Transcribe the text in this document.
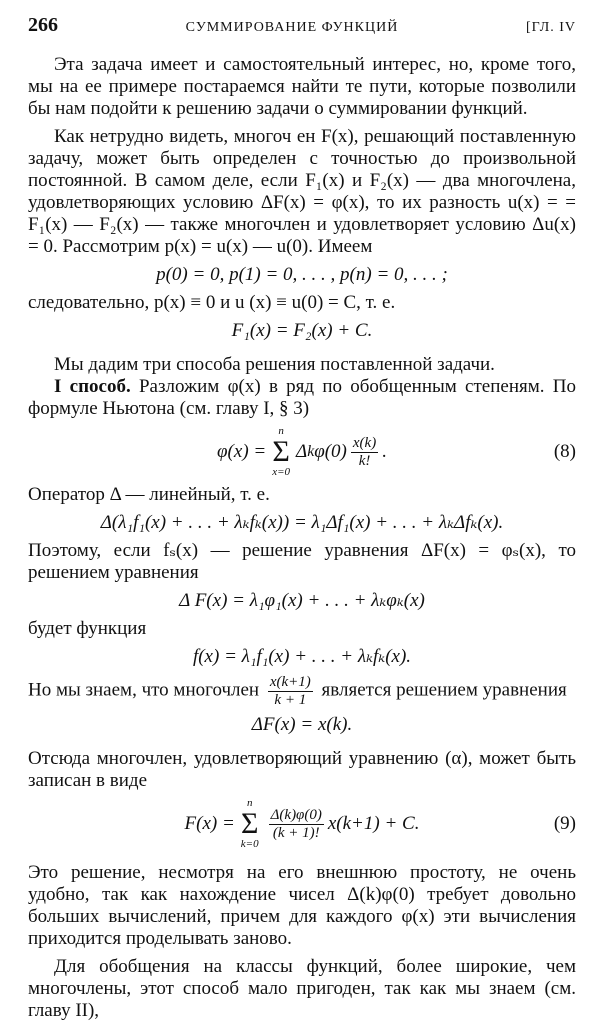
266	СУММИРОВАНИЕ ФУНКЦИЙ	[ГЛ. IV

Эта задача имеет и самостоятельный интерес, но, кроме того, мы на ее примере постараемся найти те пути, которые позволили бы нам подойти к решению задачи о суммировании функций.

Как нетрудно видеть, многоч ен F(x), решающий поставленную задачу, может быть определен с точностью до произвольной постоянной. В самом деле, если F₁(x) и F₂(x) — два многочлена, удовлетворяющих условию ΔF(x) = φ(x), то их разность u(x) = = F₁(x) — F₂(x) — также многочлен и удовлетворяет условию Δu(x) = 0. Рассмотрим p(x) = u(x) — u(0). Имеем

p(0) = 0, p(1) = 0, . . . , p(n) = 0, . . . ;

следовательно, p(x) ≡ 0 и u (x) ≡ u(0) = C, т. е.

F₁(x) = F₂(x) + C.

Мы дадим три способа решения поставленной задачи.

I способ. Разложим φ(x) в ряд по обобщенным степеням. По формуле Ньютона (см. главу I, § 3)

φ(x) =
n
Σ
x=0
Δ k $\varphi(0) \frac{x(k)}{k!}$ .	(8)

Оператор Δ — линейный, т. е.

Δ(λ₁f₁(x) + . . . + λₖfₖ(x)) = λ₁Δf₁(x) + . . . + λₖΔfₖ(x).

Поэтому, если fₛ(x) — решение уравнения ΔF(x) = φₛ(x), то решением уравнения

Δ F(x) = λ₁φ₁(x) + . . . + λₖφₖ(x)

будет функция

f(x) = λ₁f₁(x) + . . . + λₖfₖ(x).

Но мы знаем, что многочлен $\frac{x(k+1)}{k + 1}$ является решением уравнения

ΔF(x) = x(k).

Отсюда многочлен, удовлетворяющий уравнению (α), может быть записан в виде

F(x) =
n
Σ
k=0
$\frac{\Delta(k)\varphi(0)}{(k + 1)!} x(k+1) + C$.	(9)

Это решение, несмотря на его внешнюю простоту, не очень удобно, так как нахождение чисел Δ(k)φ(0) требует довольно больших вычислений, причем для каждого φ(x) эти вычисления приходится проделывать заново.

Для обобщения на классы функций, более широкие, чем многочлены, этот способ мало пригоден, так как мы знаем (см. главу II),
